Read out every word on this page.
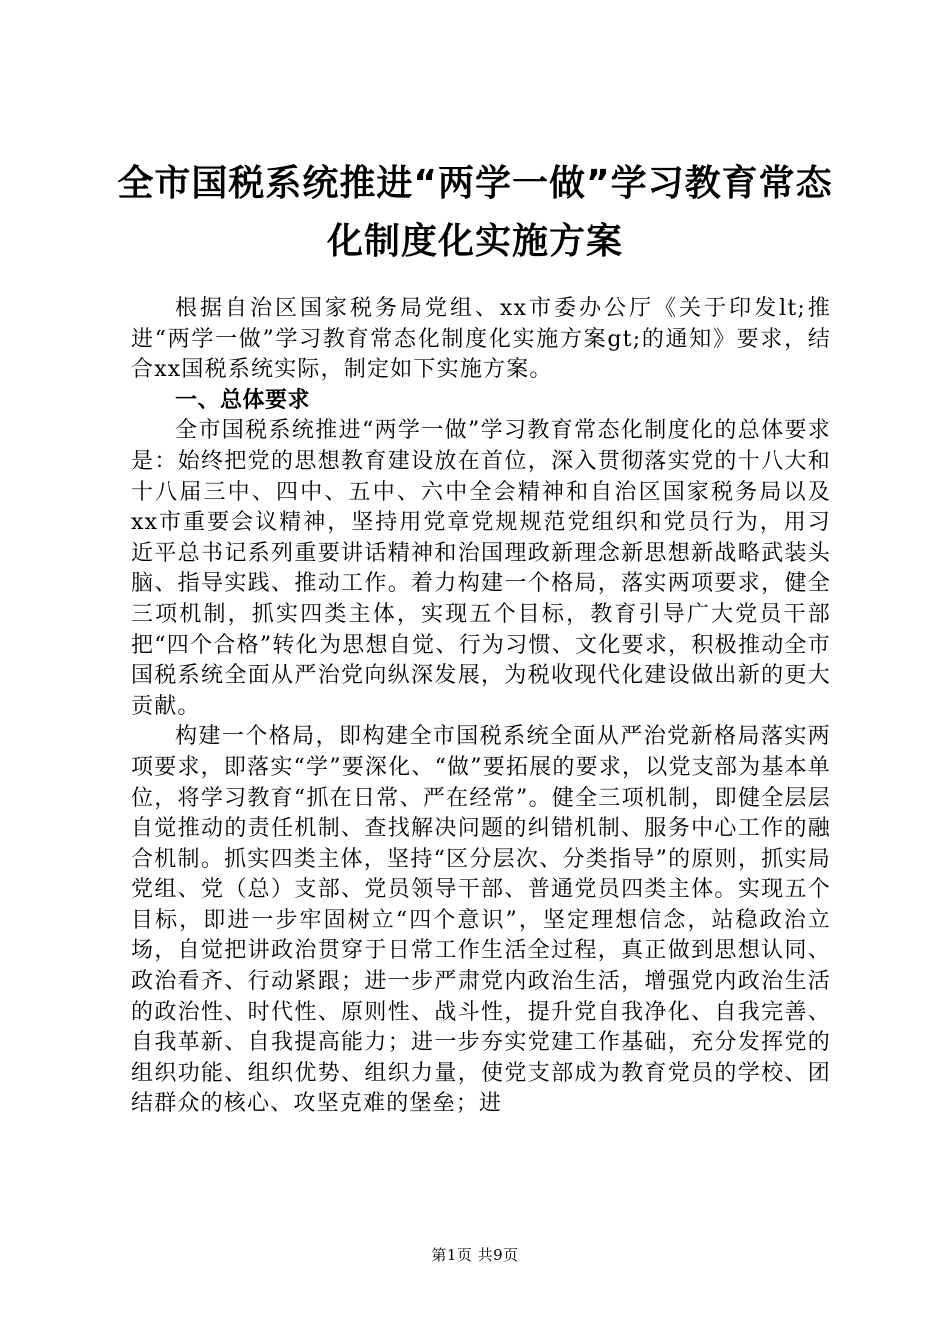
全市国税系统推进“两学一做”学习教育常态
化制度化实施方案

根据自治区国家税务局党组、xx市委办公厅《关于印发lt;推进“两学一做”学习教育常态化制度化实施方案gt;的通知》要求，结合xx国税系统实际，制定如下实施方案。

一、总体要求

全市国税系统推进“两学一做”学习教育常态化制度化的总体要求是：始终把党的思想教育建设放在首位，深入贯彻落实党的十八大和十八届三中、四中、五中、六中全会精神和自治区国家税务局以及xx市重要会议精神，坚持用党章党规规范党组织和党员行为，用习近平总书记系列重要讲话精神和治国理政新理念新思想新战略武装头脑、指导实践、推动工作。着力构建一个格局，落实两项要求，健全三项机制，抓实四类主体，实现五个目标，教育引导广大党员干部把“四个合格”转化为思想自觉、行为习惯、文化要求，积极推动全市国税系统全面从严治党向纵深发展，为税收现代化建设做出新的更大贡献。

构建一个格局，即构建全市国税系统全面从严治党新格局落实两项要求，即落实“学”要深化、“做”要拓展的要求，以党支部为基本单位，将学习教育“抓在日常、严在经常”。健全三项机制，即健全层层自觉推动的责任机制、查找解决问题的纠错机制、服务中心工作的融合机制。抓实四类主体，坚持“区分层次、分类指导”的原则，抓实局党组、党（总）支部、党员领导干部、普通党员四类主体。实现五个目标，即进一步牢固树立“四个意识”，坚定理想信念，站稳政治立场，自觉把讲政治贯穿于日常工作生活全过程，真正做到思想认同、政治看齐、行动紧跟；进一步严肃党内政治生活，增强党内政治生活的政治性、时代性、原则性、战斗性，提升党自我净化、自我完善、自我革新、自我提高能力；进一步夯实党建工作基础，充分发挥党的组织功能、组织优势、组织力量，使党支部成为教育党员的学校、团结群众的核心、攻坚克难的堡垒；进

第1页 共9页
